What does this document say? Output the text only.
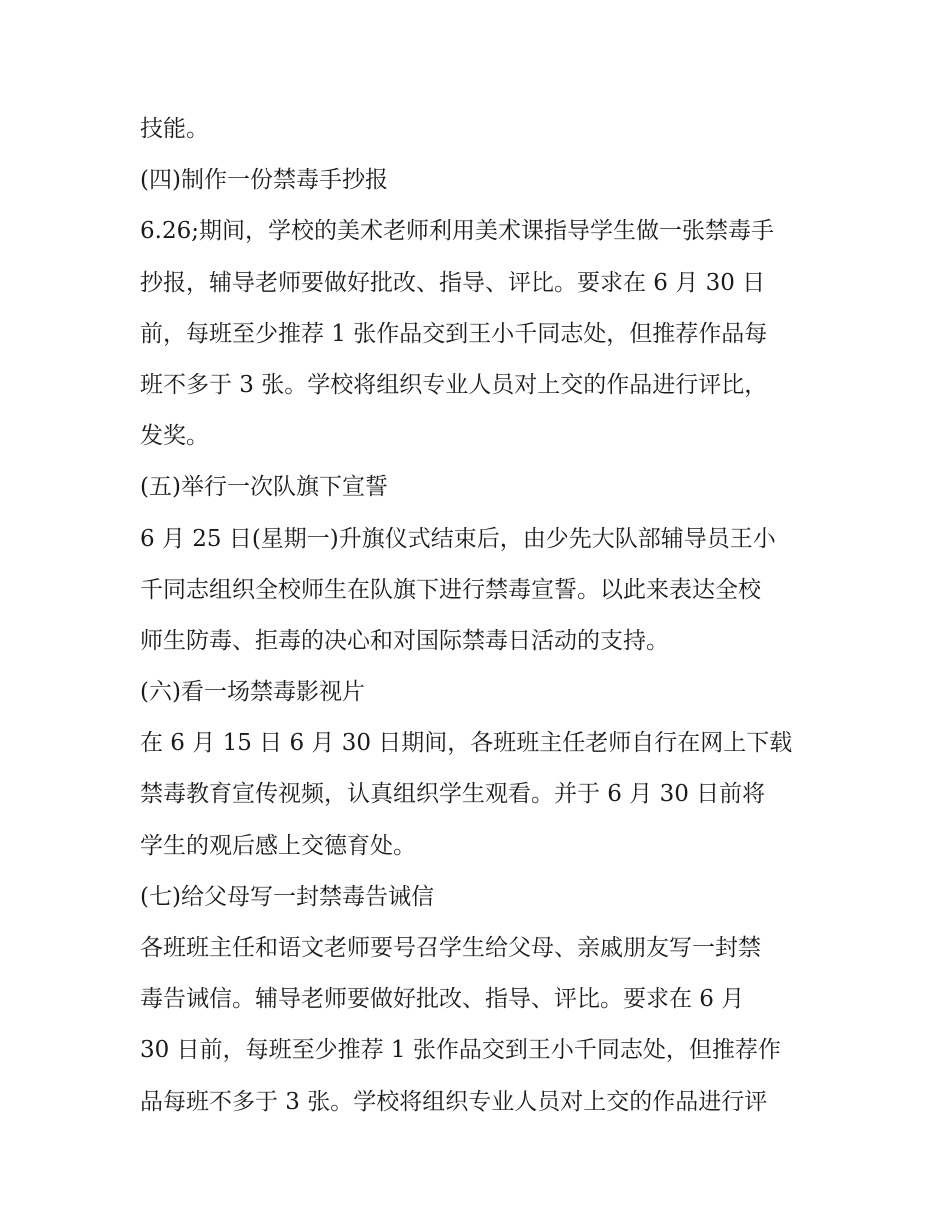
技能。
(四)制作一份禁毒手抄报
6.26;期间，学校的美术老师利用美术课指导学生做一张禁毒手
抄报，辅导老师要做好批改、指导、评比。要求在 6 月 30 日
前，每班至少推荐 1 张作品交到王小千同志处，但推荐作品每
班不多于 3 张。学校将组织专业人员对上交的作品进行评比，
发奖。
(五)举行一次队旗下宣誓
6 月 25 日(星期一)升旗仪式结束后，由少先大队部辅导员王小
千同志组织全校师生在队旗下进行禁毒宣誓。以此来表达全校
师生防毒、拒毒的决心和对国际禁毒日活动的支持。
(六)看一场禁毒影视片
在 6 月 15 日 6 月 30 日期间，各班班主任老师自行在网上下载
禁毒教育宣传视频，认真组织学生观看。并于 6 月 30 日前将
学生的观后感上交德育处。
(七)给父母写一封禁毒告诫信
各班班主任和语文老师要号召学生给父母、亲戚朋友写一封禁
毒告诫信。辅导老师要做好批改、指导、评比。要求在 6 月
30 日前，每班至少推荐 1 张作品交到王小千同志处，但推荐作
品每班不多于 3 张。学校将组织专业人员对上交的作品进行评
